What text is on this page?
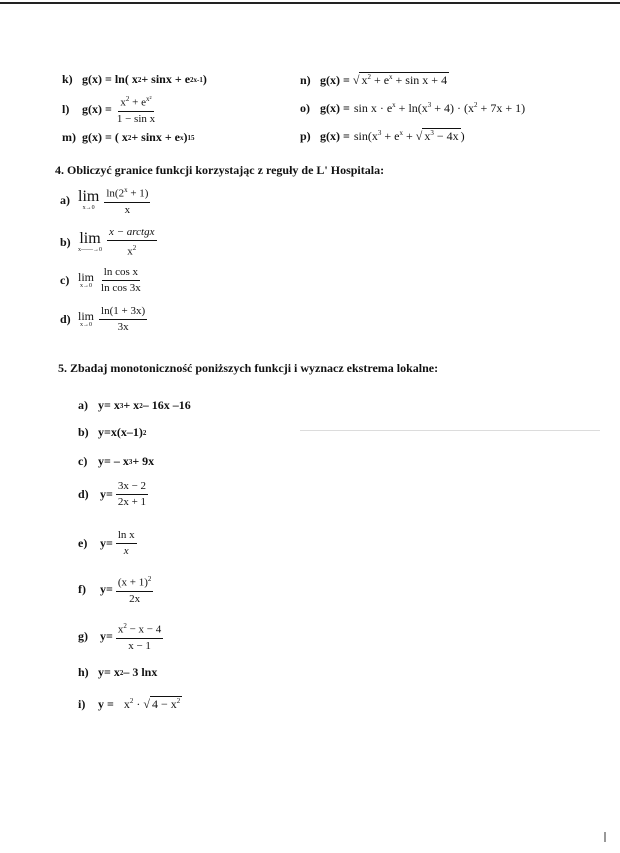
k) g(x) = ln( x 2 + sinx + e 2x-1 )
l)	$g(x) = \frac{x^2 + e^{x^2}}{\text{1 − sin x}}$
m) g(x) = ( x 2 + sinx + e x ) 15
n) g(x) = √ $x^2 + e^x + \sin x + 4$
o) $g(x) = \sin x \cdot e^x + \ln(x^3 + 4) \cdot (x^2 + 7x + 1)$
p) $g(x) = \sin(x^3 + e^x$ + √ $x^3 - 4x$ )
4. Obliczyć granice funkcji korzystając z reguły de L' Hospitala:
a) lim
$x\to 0 \frac{\ln(2^x + 1)}{x}$
b) lim
x——→0 $\frac{\text{x − arctgx}}{x^2}$
c) lim
$x\to 0 \frac{\text{ln cos x}}{\text{ln cos 3x}}$
d) lim
$x\to 0 \frac{\ln(1 + 3x)}{3x}$
5. Zbadaj monotoniczność poniższych funkcji i wyznacz ekstrema lokalne:
a) y= x 3 + x 2 – 16x –16
b) y=x(x–1) 2
c) y= – x 3 + 9x
d) $y= \frac{3x - 2}{2x + 1}$
e)	$y= \frac{\text{ln x}}{x}$
f)	$y= \frac{(x + 1)^2}{2x}$
g)	$y= \frac{x^2 - x - 4}{x - 1}$
h) y= x 2 – 3 lnx
i)	$y = x^2$ · √ $4 - x^2$
